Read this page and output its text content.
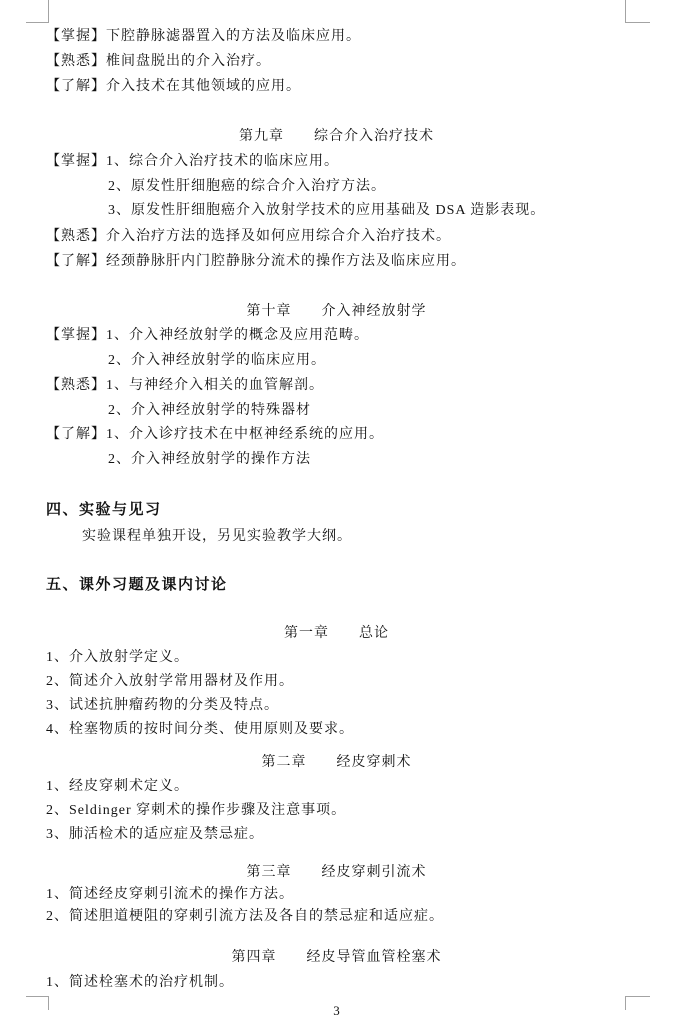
【掌握】下腔静脉滤器置入的方法及临床应用。
【熟悉】椎间盘脱出的介入治疗。
【了解】介入技术在其他领域的应用。
第九章　　综合介入治疗技术
【掌握】1、综合介入治疗技术的临床应用。
2、原发性肝细胞癌的综合介入治疗方法。
3、原发性肝细胞癌介入放射学技术的应用基础及 DSA 造影表现。
【熟悉】介入治疗方法的选择及如何应用综合介入治疗技术。
【了解】经颈静脉肝内门腔静脉分流术的操作方法及临床应用。
第十章　　介入神经放射学
【掌握】1、介入神经放射学的概念及应用范畴。
2、介入神经放射学的临床应用。
【熟悉】1、与神经介入相关的血管解剖。
2、介入神经放射学的特殊器材
【了解】1、介入诊疗技术在中枢神经系统的应用。
2、介入神经放射学的操作方法
四、实验与见习
实验课程单独开设，另见实验教学大纲。
五、课外习题及课内讨论
第一章　　总论
1、介入放射学定义。
2、简述介入放射学常用器材及作用。
3、试述抗肿瘤药物的分类及特点。
4、栓塞物质的按时间分类、使用原则及要求。
第二章　　经皮穿刺术
1、经皮穿刺术定义。
2、Seldinger 穿刺术的操作步骤及注意事项。
3、肺活检术的适应症及禁忌症。
第三章　　经皮穿刺引流术
1、简述经皮穿刺引流术的操作方法。
2、简述胆道梗阻的穿刺引流方法及各自的禁忌症和适应症。
第四章　　经皮导管血管栓塞术
1、简述栓塞术的治疗机制。
3
